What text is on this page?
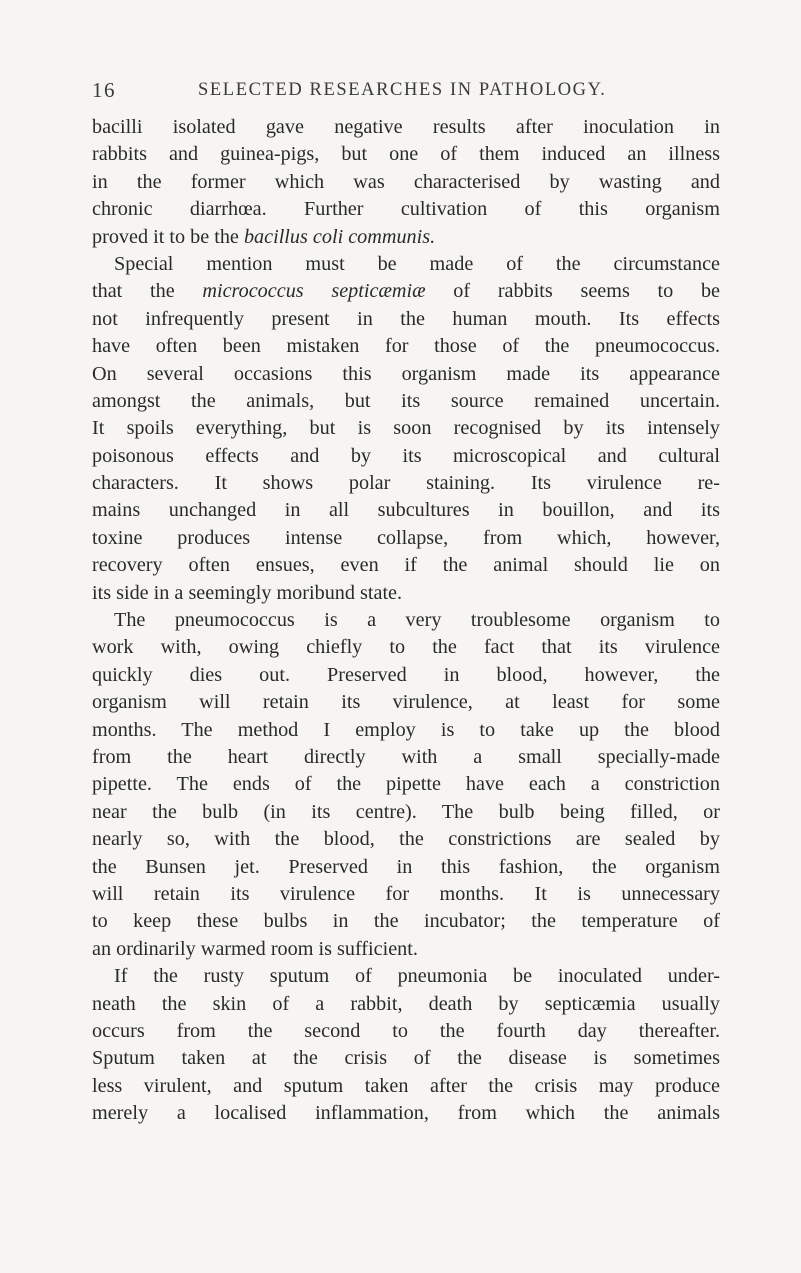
16	SELECTED RESEARCHES IN PATHOLOGY.
bacilli isolated gave negative results after inoculation in
rabbits and guinea-pigs, but one of them induced an illness
in the former which was characterised by wasting and
chronic diarrhœa. Further cultivation of this organism
proved it to be the bacillus coli communis.
Special mention must be made of the circumstance
that the micrococcus septicæmiæ of rabbits seems to be
not infrequently present in the human mouth. Its effects
have often been mistaken for those of the pneumococcus.
On several occasions this organism made its appearance
amongst the animals, but its source remained uncertain.
It spoils everything, but is soon recognised by its intensely
poisonous effects and by its microscopical and cultural
characters. It shows polar staining. Its virulence re-
mains unchanged in all subcultures in bouillon, and its
toxine produces intense collapse, from which, however,
recovery often ensues, even if the animal should lie on
its side in a seemingly moribund state.
The pneumococcus is a very troublesome organism to
work with, owing chiefly to the fact that its virulence
quickly dies out. Preserved in blood, however, the
organism will retain its virulence, at least for some
months. The method I employ is to take up the blood
from the heart directly with a small specially-made
pipette. The ends of the pipette have each a constriction
near the bulb (in its centre). The bulb being filled, or
nearly so, with the blood, the constrictions are sealed by
the Bunsen jet. Preserved in this fashion, the organism
will retain its virulence for months. It is unnecessary
to keep these bulbs in the incubator; the temperature of
an ordinarily warmed room is sufficient.
If the rusty sputum of pneumonia be inoculated under-
neath the skin of a rabbit, death by septicæmia usually
occurs from the second to the fourth day thereafter.
Sputum taken at the crisis of the disease is sometimes
less virulent, and sputum taken after the crisis may produce
merely a localised inflammation, from which the animals
